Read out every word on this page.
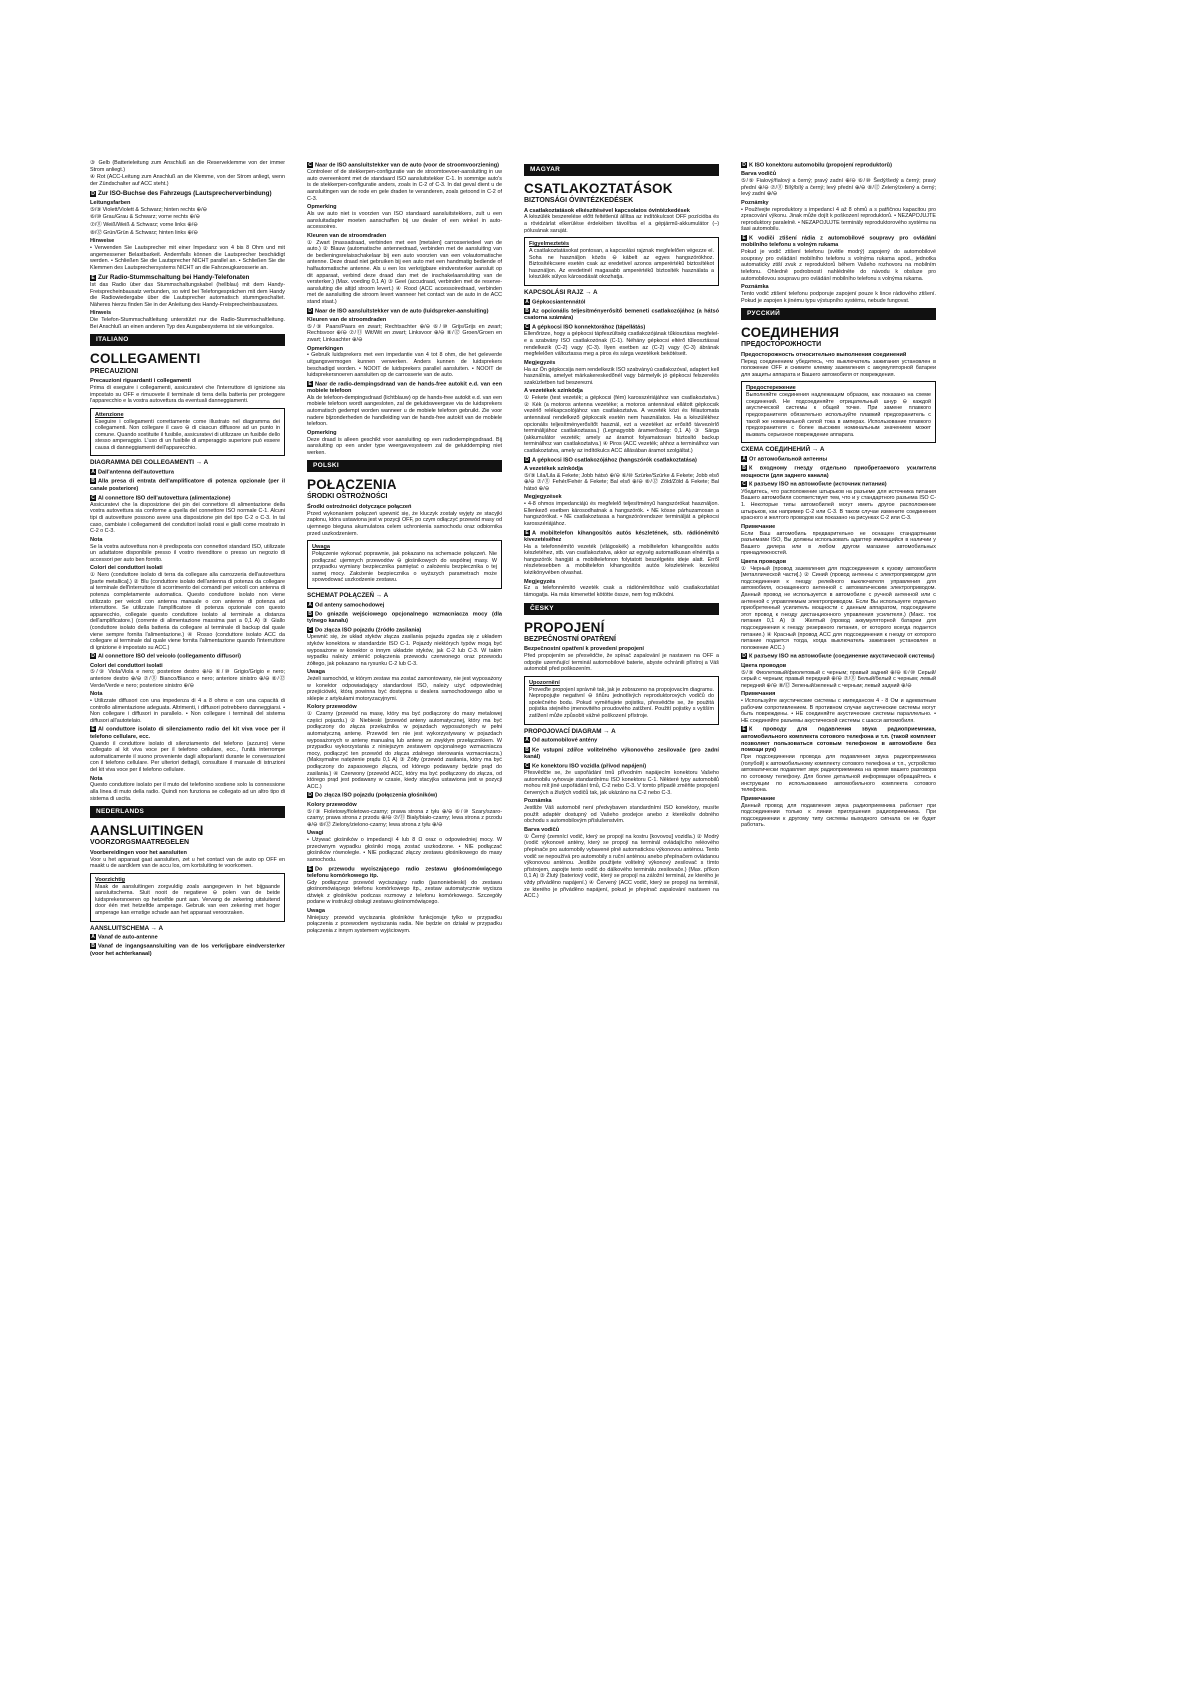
③ Gelb (Batterieleitung zum Anschluß an die Reserveklemme von der immer Strom anliegt.)

④ Rot (ACC-Leitung zum Anschluß an die Klemme, von der Strom anliegt, wenn der Zündschalter auf ACC steht.)

D Zur ISO-Buchse des Fahrzeugs (Lautsprecherverbindung)
Leitungsfarben

⑤/⑨ Violett/Violett & Schwarz; hinten rechts ⊕/⊖

⑥/⑩ Grau/Grau & Schwarz; vorne rechts ⊕/⊖

⑦/⑪ Weiß/Weiß & Schwarz; vorne links ⊕/⊖

⑧/⑫ Grün/Grün & Schwarz; hinten links ⊕/⊖

Hinweise

• Verwenden Sie Lautsprecher mit einer Impedanz von 4 bis 8 Ohm und mit angemessener Belastbarkeit. Andernfalls können die Lautsprecher beschädigt werden. • Schließen Sie die Lautsprecher NICHT parallel an. • Schließen Sie die Klemmen des Lautsprechersystems NICHT an die Fahrzeugkarosserie an.

E Zur Radio-Stummschaltung bei Handy-Telefonaten

Ist das Radio über das Stummschaltungskabel (hellblau) mit dem Handy-Freisprecheinbausatz verbunden, so wird bei Telefongesprächen mit dem Handy die Radiowiedergabe über die Lautsprecher automatisch stummgeschaltet. Näheres hierzu finden Sie in der Anleitung des Handy-Freisprecheinbausatzes.

Hinweis

Die Telefon-Stummschaltleitung unterstützt nur die Radio-Stummschaltleitung. Bei Anschluß an einen anderen Typ des Ausgabesystems ist sie wirkungslos.

ITALIANO
COLLEGAMENTI
PRECAUZIONI
Precauzioni riguardanti i collegamenti

Prima di eseguire i collegamenti, assicuratevi che l'interruttore di ignizione sia impostato su OFF e rimuovete il terminale di terra della batteria per proteggere l'apparecchio e la vostra autovettura da eventuali danneggiamenti.

Attenzione

Eseguire i collegamenti correttamente come illustrato nel diagramma dei collegamenti. Non collegare il cavo ⊖ di ciascun diffusore ad un punto in comune. Quando sostituite il fusibile, assicuratevi di utilizzare un fusibile dello stesso amperaggio. L'uso di un fusibile di amperaggio superiore può essere causa di danneggiamenti dell'apparecchio.

DIAGRAMMA DEI COLLEGAMENTI → A
A Dall'antenna dell'autovettura
B Alla presa di entrata dell'amplificatore di potenza opzionale (per il canale posteriore)
C Al connettore ISO dell'autovettura (alimentazione)

Assicuratevi che la disposizione dei pin dei connettore di alimentazione della vostra autovettura sia conforme a quella del connettore ISO normale C-1. Alcuni tipi di autovetture possono avere una disposizione pin del tipo C-2 o C-3. In tal caso, cambiate i collegamenti dei conduttori isolati rossi e gialli come mostrato in C-2 o C-3.

Nota

Se la vostra autovettura non è predisposta con connettori standard ISO, utilizzate un adattatore disponibile presso il vostro rivenditore o presso un negozio di accessori per auto ben fornito.

Colori dei conduttori isolati

① Nero (conduttore isolato di terra da collegare alla carrozzeria dell'autovettura [parte metallica].) ② Blu (conduttore isolato dell'antenna di potenza da collegare al terminale dell'interruttore di scorrimento dei comandi per veicoli con antenna di potenza completamente automatica. Questo conduttore isolato non viene utilizzato per veicoli con antenna manuale o con antenne di potenza ad interruttore. Se utilizzate l'amplificatore di potenza opzionale con questo apparecchio, collegate questo conduttore isolato al terminale a distanza dell'amplificatore.) (corrente di alimentazione massima pari a 0,1 A) ③ Giallo (conduttore isolato della batteria da collegare al terminale di backup dal quale viene sempre fornita l'alimentazione.) ④ Rosso (conduttore isolato ACC da collegare al terminale dal quale viene fornita l'alimentazione quando l'interruttore di ignizione è impostato su ACC.)

D Al connettore ISO del veicolo (collegamento diffusori)
Colori dei conduttori isolati

⑤/⑨ Viola/Viola e nero; posteriore destro ⊕/⊖ ⑥/⑩ Grigio/Grigio e nero; anteriore destro ⊕/⊖ ⑦/⑪ Bianco/Bianco e nero; anteriore sinistro ⊕/⊖ ⑧/⑫ Verde/Verde e nero; posteriore sinistro ⊕/⊖

Nota

• Utilizzate diffusori con una impedenza di 4 a 8 ohms e con una capacità di controllo alimentazione adeguata. Altrimenti, i diffusori potrebbero danneggiarsi. • Non collegare i diffusori in parallelo. • Non collegare i terminali del sistema diffusori all'autotelaio.

E Al conduttore isolato di silenziamento radio del kit viva voce per il telefono cellulare, ecc.

Quando il conduttore isolato di silenziamento del telefono (azzurro) viene collegato al kit viva voce per il telefono cellulare, ecc., l'unità interrompe automaticamente il suono proveniente dagli altoparlanti durante le conversazioni con il telefono cellulare. Per ulteriori dettagli, consultare il manuale di istruzioni del kit viva voce per il telefono cellulare.

Nota

Questo conduttore isolato per il muto del telefonino sostiene solo la connessione alla linea di muto della radio. Quindi non funziona se collegato ad un altro tipo di sistema di uscita.

NEDERLANDS
AANSLUITINGEN
VOORZORGSMAATREGELEN
Voorbereidingen voor het aansluiten

Voor u het apparaat gaat aansluiten, zet u het contact van de auto op OFF en maakt u de aardklem van de accu los, om kortsluiting te voorkomen.

Voorzichtig

Maak de aansluitingen zorgvuldig zoals aangegeven in het bijgaande aansluitschema. Sluit nooit de negatieve ⊖ polen van de beide luidsprekersnoeren op hetzelfde punt aan. Vervang de zekering uitsluitend door één met hetzelfde amperage. Gebruik van een zekering met hoger amperage kan ernstige schade aan het apparaat veroorzaken.

AANSLUITSCHEMA → A
A Vanaf de auto-antenne
B Vanaf de ingangsaansluiting van de los verkrijgbare eindversterker (voor het achterkanaal)
C Naar de ISO aansluitstekker van de auto (voor de stroomvoorziening)

Controleer of de stekkerpen-configuratie van de stroomtoevoer-aansluiting in uw auto overeenkomt met de standaard ISO aansluitstekker C-1. In sommige auto's is de stekkerpen-configuratie anders, zoals in C-2 of C-3. In dat geval dient u de aansluitingen van de rode en gele draden te veranderen, zoals getoond in C-2 of C-3.

Opmerking

Als uw auto niet is voorzien van ISO standaard aansluitstekkers, zult u een aansluitadapter moeten aanschaffen bij uw dealer of een winkel in auto-accessoires.

Kleuren van de stroomdraden

① Zwart (massadraad, verbinden met een [metalen] carrosseriedeel van de auto.) ② Blauw (automatische antennedraad, verbinden met de aansluiting van de bedieningsrelaisschakelaar bij een auto voorzien van een volautomatische antenne. Deze draad niet gebruiken bij een auto met een handmatig bediende of halfautomatische antenne. Als u een los verkrijgbare eindversterker aansluit op dit apparaat, verbind deze draad dan met de inschakelaansluiting van de versterker.) (Max. voeding 0,1 A) ③ Geel (accudraad, verbinden met de reserve-aansluiting die altijd stroom levert.) ④ Rood (ACC accessoiredraad, verbinden met de aansluiting die stroom levert wanneer het contact van de auto in de ACC stand staat.)

D Naar de ISO aansluitstekker van de auto (luidspreker-aansluiting)
Kleuren van de stroomdraden

⑤/⑨ Paars/Paars en zwart; Rechtsachter ⊕/⊖ ⑥/⑩ Grijs/Grijs en zwart; Rechtsvoor ⊕/⊖ ⑦/⑪ Wit/Wit en zwart; Linksvoor ⊕/⊖ ⑧/⑫ Groen/Groen en zwart; Linksachter ⊕/⊖

Opmerkingen

• Gebruik luidsprekers met een impedantie van 4 tot 8 ohm, die het geleverde uitgangsvermogen kunnen verwerken. Anders kunnen de luidsprekers beschadigd worden. • NOOIT de luidsprekers parallel aansluiten. • NOOIT de luidsprekersnoeren aansluiten op de carrosserie van de auto.

E Naar de radio-dempingsdraad van de hands-free autokit e.d. van een mobiele telefoon

Als de telefoon-dempingsdraad (lichtblauw) op de hands-free autokit e.d. van een mobiele telefoon wordt aangesloten, zal de geluidsweergave via de luidsprekers automatisch gedempt worden wanneer u de mobiele telefoon gebruikt. Zie voor nadere bijzonderheden de handleiding van de hands-free autokit van de mobiele telefoon.

Opmerking

Deze draad is alleen geschikt voor aansluiting op een radiodempingsdraad. Bij aansluiting op een ander type weergavesysteem zal de geluiddemping niet werken.

POLSKI
POŁĄCZENIA
ŚRODKI OSTROŻNOŚCI
Środki ostrożności dotyczące połączeń

Przed wykonaniem połączeń upewnić się, że kluczyk zostały wyjęty ze stacyjki zapłonu, która ustawiona jest w pozycji OFF, po czym odłączyć przewód masy od ujemnego bieguna akumulatora celem uchronienia samochodu oraz odbiornika przed uszkodzeniem.

Uwaga

Połączenie wykonać poprawnie, jak pokazano na schemacie połączeń. Nie podłączać ujemnych przewodów ⊖ głośnikowych do wspólnej masy. W przypadku wymiany bezpiecznika pamiętać o założeniu bezpiecznika o tej samej mocy. Założenie bezpiecznika o wyższych parametrach może spowodować uszkodzenie zestawu.

SCHEMAT POŁĄCZEŃ → A
A Od anteny samochodowej
B Do gniazda wejściowego opcjonalnego wzmacniacza mocy (dla tylnego kanału)
C Do złącza ISO pojazdu (źródło zasilania)

Upewnić się, że układ styków złącza zasilania pojazdu zgadza się z układem styków konektora w standardzie ISO C-1. Pojazdy niektórych typów mogą być wyposażone w konektor o innym układzie styków, jak C-2 lub C-3. W takim wypadku należy zmienić połączenia przewodu czerwonego oraz przewodu żółtego, jak pokazano na rysunku C-2 lub C-3.

Uwaga

Jeżeli samochód, w którym zestaw ma zostać zamontowany, nie jest wyposażony w konektor odpowiadający standardowi ISO, należy użyć odpowiedniej przejściówki, którą powinna być dostępna u dealera samochodowego albo w sklepie z artykułami motoryzacyjnymi.

Kolory przewodów

① Czarny (przewód na masę, który ma być podłączony do masy metalowej części pojazdu.) ② Niebieski (przewód anteny automatycznej, który ma być podłączony do złącza przekaźnika w pojazdach wyposażonych w pełni automatyczną antenę. Przewód ten nie jest wykorzystywany w pojazdach wyposażonych w antenę manualną lub antenę ze zwykłym przełącznikiem. W przypadku wykorzystania z niniejszym zestawem opcjonalnego wzmacniacza mocy, podłączyć ten przewód do złącza zdalnego sterowania wzmacniacza.) (Maksymalne natężenie prądu 0,1 A) ③ Żółty (przewód zasilania, który ma być podłączony do zapasowego złącza, od którego podawany będzie prąd do zasilania.) ④ Czerwony (przewód ACC, który ma być podłączony do złącza, od którego prąd jest podawany w czasie, kiedy stacyjka ustawiona jest w pozycji ACC.)

D Do złącza ISO pojazdu (połączenia głośników)
Kolory przewodów

⑤/⑨ Fioletowy/fioletowo-czarny; prawa strona z tyłu ⊕/⊖ ⑥/⑩ Szary/szaro-czarny; prawa strona z przodu ⊕/⊖ ⑦/⑪ Biały/biało-czarny; lewa strona z przodu ⊕/⊖ ⑧/⑫ Zielony/zielono-czarny; lewa strona z tyłu ⊕/⊖

Uwagi

• Używać głośników o impedancji 4 lub 8 Ω oraz o odpowiedniej mocy. W przeciwnym wypadku głośniki mogą zostać uszkodzone. • NIE podłączać głośników równolegle. • NIE podłączać złączy zestawu głośnikowego do masy samochodu.

E Do przewodu wyciszającego radio zestawu głośnomówiącego telefonu komórkowego itp.

Gdy podłączysz przewód wyciszający radio (jasnoniebieski) do zestawu głośnomówiącego telefonu komórkowego itp., zestaw automatycznie wycisza dźwięk z głośników podczas rozmowy z telefonu komórkowego. Szczegóły podane w instrukcji obsługi zestawu głośnomówiącego.

Uwaga

Niniejszy przewód wyciszania głośników funkcjonuje tylko w przypadku połączenia z przewodem wyciszania radia. Nie będzie on działał w przypadku połączenia z innym systemem wyjściowym.

MAGYAR
CSATLAKOZTATÁSOK
BIZTONSÁGI ÓVINTÉZKEDÉSEK
A csatlakoztatások elkészítésével kapcsolatos óvintézkedések

A készülék beszerelése előtt feltétlenül állítsa az indítókulcsot OFF pozícióba és a rövidzárlat elkerülése érdekében távolítsa el a gépjármű-akkumulátor (–) pólusának saruját.

Figyelmeztetés

A csatlakoztatásokat pontosan, a kapcsolási rajznak megfelelően végezze el. Soha ne használjon közös ⊖ kábelt az egyes hangszórókhoz. Biztosítékcsere esetén csak az eredetivel azonos amperértékű biztosítékot használjon. Az eredetinél magasabb amperértékű biztosíték használata a készülék súlyos károsodását okozhatja.

KAPCSOLÁSI RAJZ → A
A Gépkocsiantennától
B Az opcionális teljesítményerősítő bemeneti csatlakozójához (a hátsó csatorna számára)
C A gépkocsi ISO konnektorához (tápellátás)

Ellenőrizze, hogy a gépkocsi tápfeszültség csatlakozójának tűkiosztása megfelel-e a szabvány ISO csatlakozónak (C-1). Néhány gépkocsi eltérő tűleosztással rendelkezik (C-2) vagy (C-3). Ilyen esetben az (C-2) vagy (C-3) ábrának megfelelően változtassa meg a piros és sárga vezetékek bekötéseit.

Megjegyzés

Ha az Ön gépkocsija nem rendelkezik ISO szabványú csatlakozóval, adaptert kell használnia, amelyet márkakereskedőnél vagy bármelyik jó gépkocsi felszerelés szaküzletben tud beszerezni.

A vezetékek színkódja

① Fekete (test vezeték; a gépkocsi (fém) karosszériájához van csatlakoztatva.) ② Kék (a motoros antenna vezetéke; a motoros antennával ellátott gépkocsik vezérlő relékapcsolójához van csatlakoztatva. A vezeték közi és félautomata antennával rendelkező gépkocsik esetén nem használatos. Ha a készülékhez opcionális teljesítményerősítőt használ, ezt a vezetéket az erősítő távvezérlő terminálijához csatlakoztassa.) (Legnagyobb áramerősség: 0,1 A) ③ Sárga (akkumulátor vezeték; amely az áramot folyamatosan biztosító backup terminálhoz van csatlakoztatva.) ④ Piros (ACC vezeték; ahhoz a terminálhoz van csatlakoztatva, amely az indítókulcs ACC állásában áramot szolgáltat.)

D A gépkocsi ISO csatlakozójához (hangszórók csatlakoztatása)
A vezetékek színkódja

⑤/⑨ Lila/Lila & Fekete; Jobb hátsó ⊕/⊖ ⑥/⑩ Szürke/Szürke & Fekete; Jobb első ⊕/⊖ ⑦/⑪ Fehér/Fehér & Fekete; Bal első ⊕/⊖ ⑧/⑫ Zöld/Zöld & Fekete; Bal hátsó ⊕/⊖

Megjegyzések

• 4-8 ohmos impedanciájú és megfelelő teljesítményű hangszórókat használjon. Ellenkező esetben károsodhatnak a hangszórók. • NE kösse párhuzamosan a hangszórókat. • NE csatlakoztassa a hangszórórendszer terminálját a gépkocsi karosszériájához.

E A mobiltelefon kihangosítós autós készletének, stb. rádiónémító kivezetéséhez

Ha a telefonnémító vezeték (világoskék) a mobiltelefon kihangosítós autós készletéhez, stb. van csatlakoztatva, akkor az egység automatikusan elnémítja a hangszórók hangját a mobiltelefonon folytatott beszélgetés ideje alatt. Erről részletesebben a mobiltelefon kihangosítós autós készletének kezelési kézikönyvében olvashat.

Megjegyzés

Ez a telefonnémító vezeték csak a rádiónémítóhoz való csatlakoztatást támogatja. Ha más kimenettel kötötte össze, nem fog működni.

ČESKY
PROPOJENÍ
BEZPEČNOSTNÍ OPATŘENÍ
Bezpečnostní opatření k provedení propojení

Před propojením se přesvědčte, že spínač zapalování je nastaven na OFF a odpojte uzemňující terminál automobilové baterie, abyste ochránili přístroj a Váš automobil před poškozením.

Upozornění

Proveďte propojení správně tak, jak je zobrazeno na propojovacím diagramu. Nepropojujte negativní ⊖ šňůru jednotlivých reproduktorových vodičů do společného bodu. Pokud vyměňujete pojistku, přesvědčte se, že použitá pojistka stejného jmenovitého proudového zatížení. Použití pojistky s vyšším zatížení může způsobit vážné poškození přístroje.

PROPOJOVACÍ DIAGRAM → A
A Od automobilové antény
B Ke vstupní zdířce volitelného výkonového zesilovače (pro zadní kanál)
C Ke konektoru ISO vozidla (přívod napájení)

Přesvědčte se, že uspořádání trnů přívodním napájecím konektoru Vašeho automobilu vyhovuje standardnímu ISO konektoru C-1. Některé typy automobilů mohou mít jiné uspořádání trnů, C-2 nebo C-3. V tomto případě změňte propojení červených a žlutých vodičů tak, jak ukázáno na C-2 nebo C-3.

Poznámka

Jestliže Váš automobil není předvybaven standardními ISO konektory, musíte použít adaptér dostupný od Vašeho prodejce anebo z kterékoliv dobrého obchodu s automobilovým příslušenstvím.

Barva vodičů

① Černý (zemnící vodič, který se propojí na kostru [kovovou] vozidla.) ② Modrý (vodič výkonové antény, který se propojí na terminál ovládajícího reléového přepínače pro automobily vybavené plně automatickou výkonovou anténou. Tento vodič se nepoužívá pro automobily s ruční anténou anebo přepínačem ovládanou výkonovou anténou. Jestliže použijete volitelný výkonový zesilovač s tímto přístrojem, zapojte tento vodič do dálkového terminálu zesilovače.) (Max. příkon 0,1 A) ③ Žlutý (bateriový vodič, který se propojí na záložní terminál, ze kterého je vždy přiváděno napájení.) ④ Červený (ACC vodič, který se propojí na terminál, ze kterého je přiváděno napájení, pokud je přepínač zapalování nastaven na ACC.)

D K ISO konektoru automobilu (propojení reproduktorů)
Barva vodičů

⑤/⑨ Fialový/fialový a černý; pravý zadní ⊕/⊖ ⑥/⑩ Šedý/šedý a černý; pravý přední ⊕/⊖ ⑦/⑪ Bílý/bílý a černý; levý přední ⊕/⊖ ⑧/⑫ Zelený/zelený a černý; levý zadní ⊕/⊖

Poznámky

• Používejte reproduktory s impedancí 4 až 8 ohmů a s patřičnou kapacitou pro zpracování výkonu. Jinak může dojít k poškození reproduktorů. • NEZAPOJUJTE reproduktory paralelně. • NEZAPOJUJTE terminály reproduktorového systému na šasi automobilu.

E K vodiči ztišení rádia z automobilové soupravy pro ovládání mobilního telefonu s volným rukama

Pokud je vodič ztišení telefonu (světle modrý) zapojený do automobilové soupravy pro ovládání mobilního telefonu s volnýma rukama apod., jednotka automaticky ztiší zvuk z reproduktorů během Vašeho rozhovoru na mobilním telefonu. Ohledně podrobností nahlédněte do návodu k obsluze pro automobilovou soupravu pro ovládání mobilního telefonu s volnýma rukama.

Poznámka

Tento vodič ztišení telefonu podporuje zapojení pouze k lince rádiového ztišení. Pokud je zapojen k jinému typu výstupního systému, nebude fungovat.

РУССКИЙ
СОЕДИНЕНИЯ
ПРЕДОСТОРОЖНОСТИ
Предосторожность относительно выполнения соединений

Перед соединением убедитесь, что выключатель зажигания установлен в положение OFF и снимите клемму заземления с аккумуляторной батареи для защиты аппарата и Вашего автомобиля от повреждения.

Предостережение

Выполняйте соединения надлежащим образом, как показано на схеме соединений. Не подсоединяйте отрицательный шнур ⊖ каждой акустической системы к общей точке. При замене плавкого предохранителя обязательно используйте плавкий предохранитель с такой же номинальной силой тока в амперах. Использование плавкого предохранителя с более высоким номинальным значением может вызвать серьезное повреждение аппарата.

СХЕМА СОЕДИНЕНИЙ → A
A От автомобильной антенны
B К входному гнезду отдельно приобретаемого усилителя мощности (для заднего канала)
C К разъему ISO на автомобиле (источник питания)

Убедитесь, что расположение штырьков на разъеме для источника питания Вашего автомобиля соответствует тем, что и у стандартного разъема ISO C-1. Некоторые типы автомобилей могут иметь другое расположение штырьков, как например C-2 или C-3. В таком случае измените соединения красного и желтого проводов как показано на рисунках C-2 или C-3.

Примечание

Если Ваш автомобиль предварительно не оснащен стандартными разъемами ISO, Вы должны использовать адаптер имеющийся в наличии у Вашего дилера или в любом другом магазине автомобильных принадлежностей.

Цвета проводов

① Черный (провод заземления для подсоединения к кузову автомобиля [металлической части].) ② Синий (провод антенны с электроприводом для подсоединения к гнезду релейного выключателя управления для автомобиля, оснащенного антенной с автоматическим электроприводом. Данный провод не используется в автомобиле с ручной антенной или с антенной с управляемым электроприводом. Если Вы используете отдельно приобретенный усилитель мощности с данным аппаратом, подсоедините этот провод к гнезду дистанционного управления усилителя.) (Макс. ток питания 0,1 A) ③ Желтый (провод аккумуляторной батареи для подсоединения к гнезду резервного питания, от которого всегда подается питание.) ④ Красный (провод ACC для подсоединения к гнезду от которого питание подается тогда, когда выключатель зажигания установлен в положение ACC.)

D К разъему ISO на автомобиле (соединение акустической системы)
Цвета проводов

⑤/⑨ Фиолетовый/фиолетовый с черным; правый задний ⊕/⊖ ⑥/⑩ Серый/серый с черным; правый передний ⊕/⊖ ⑦/⑪ Белый/белый с черным; левый передний ⊕/⊖ ⑧/⑫ Зеленый/зеленый с черным; левый задний ⊕/⊖

Примечания

• Используйте акустические системы с импедансом 4 - 8 Ом и адекватным рабочим сопротивлением. В противном случае акустические системы могут быть повреждены. • НЕ соединяйте акустические системы параллельно. • НЕ соединяйте разъемы акустической системы с шасси автомобиля.

E К проводу для подавления звука радиоприемника, автомобильного комплекта сотового телефона и т.п. (такой комплект позволяет пользоваться сотовым телефоном в автомобиле без помощи рук)

При подсоединении провода для подавления звука радиоприемника (голубой) к автомобильному комплекту сотового телефона и т.п., устройство автоматически подавляет звук радиоприемника на время вашего разговора по сотовому телефону. Для более детальной информации обращайтесь к инструкции по использованию автомобильного комплекта сотового телефона.

Примечание

Данный провод для подавления звука радиоприемника работает при подсоединении только к линии приглушения радиоприемника. При подсоединении к другому типу системы выходного сигнала он не будет работать.
